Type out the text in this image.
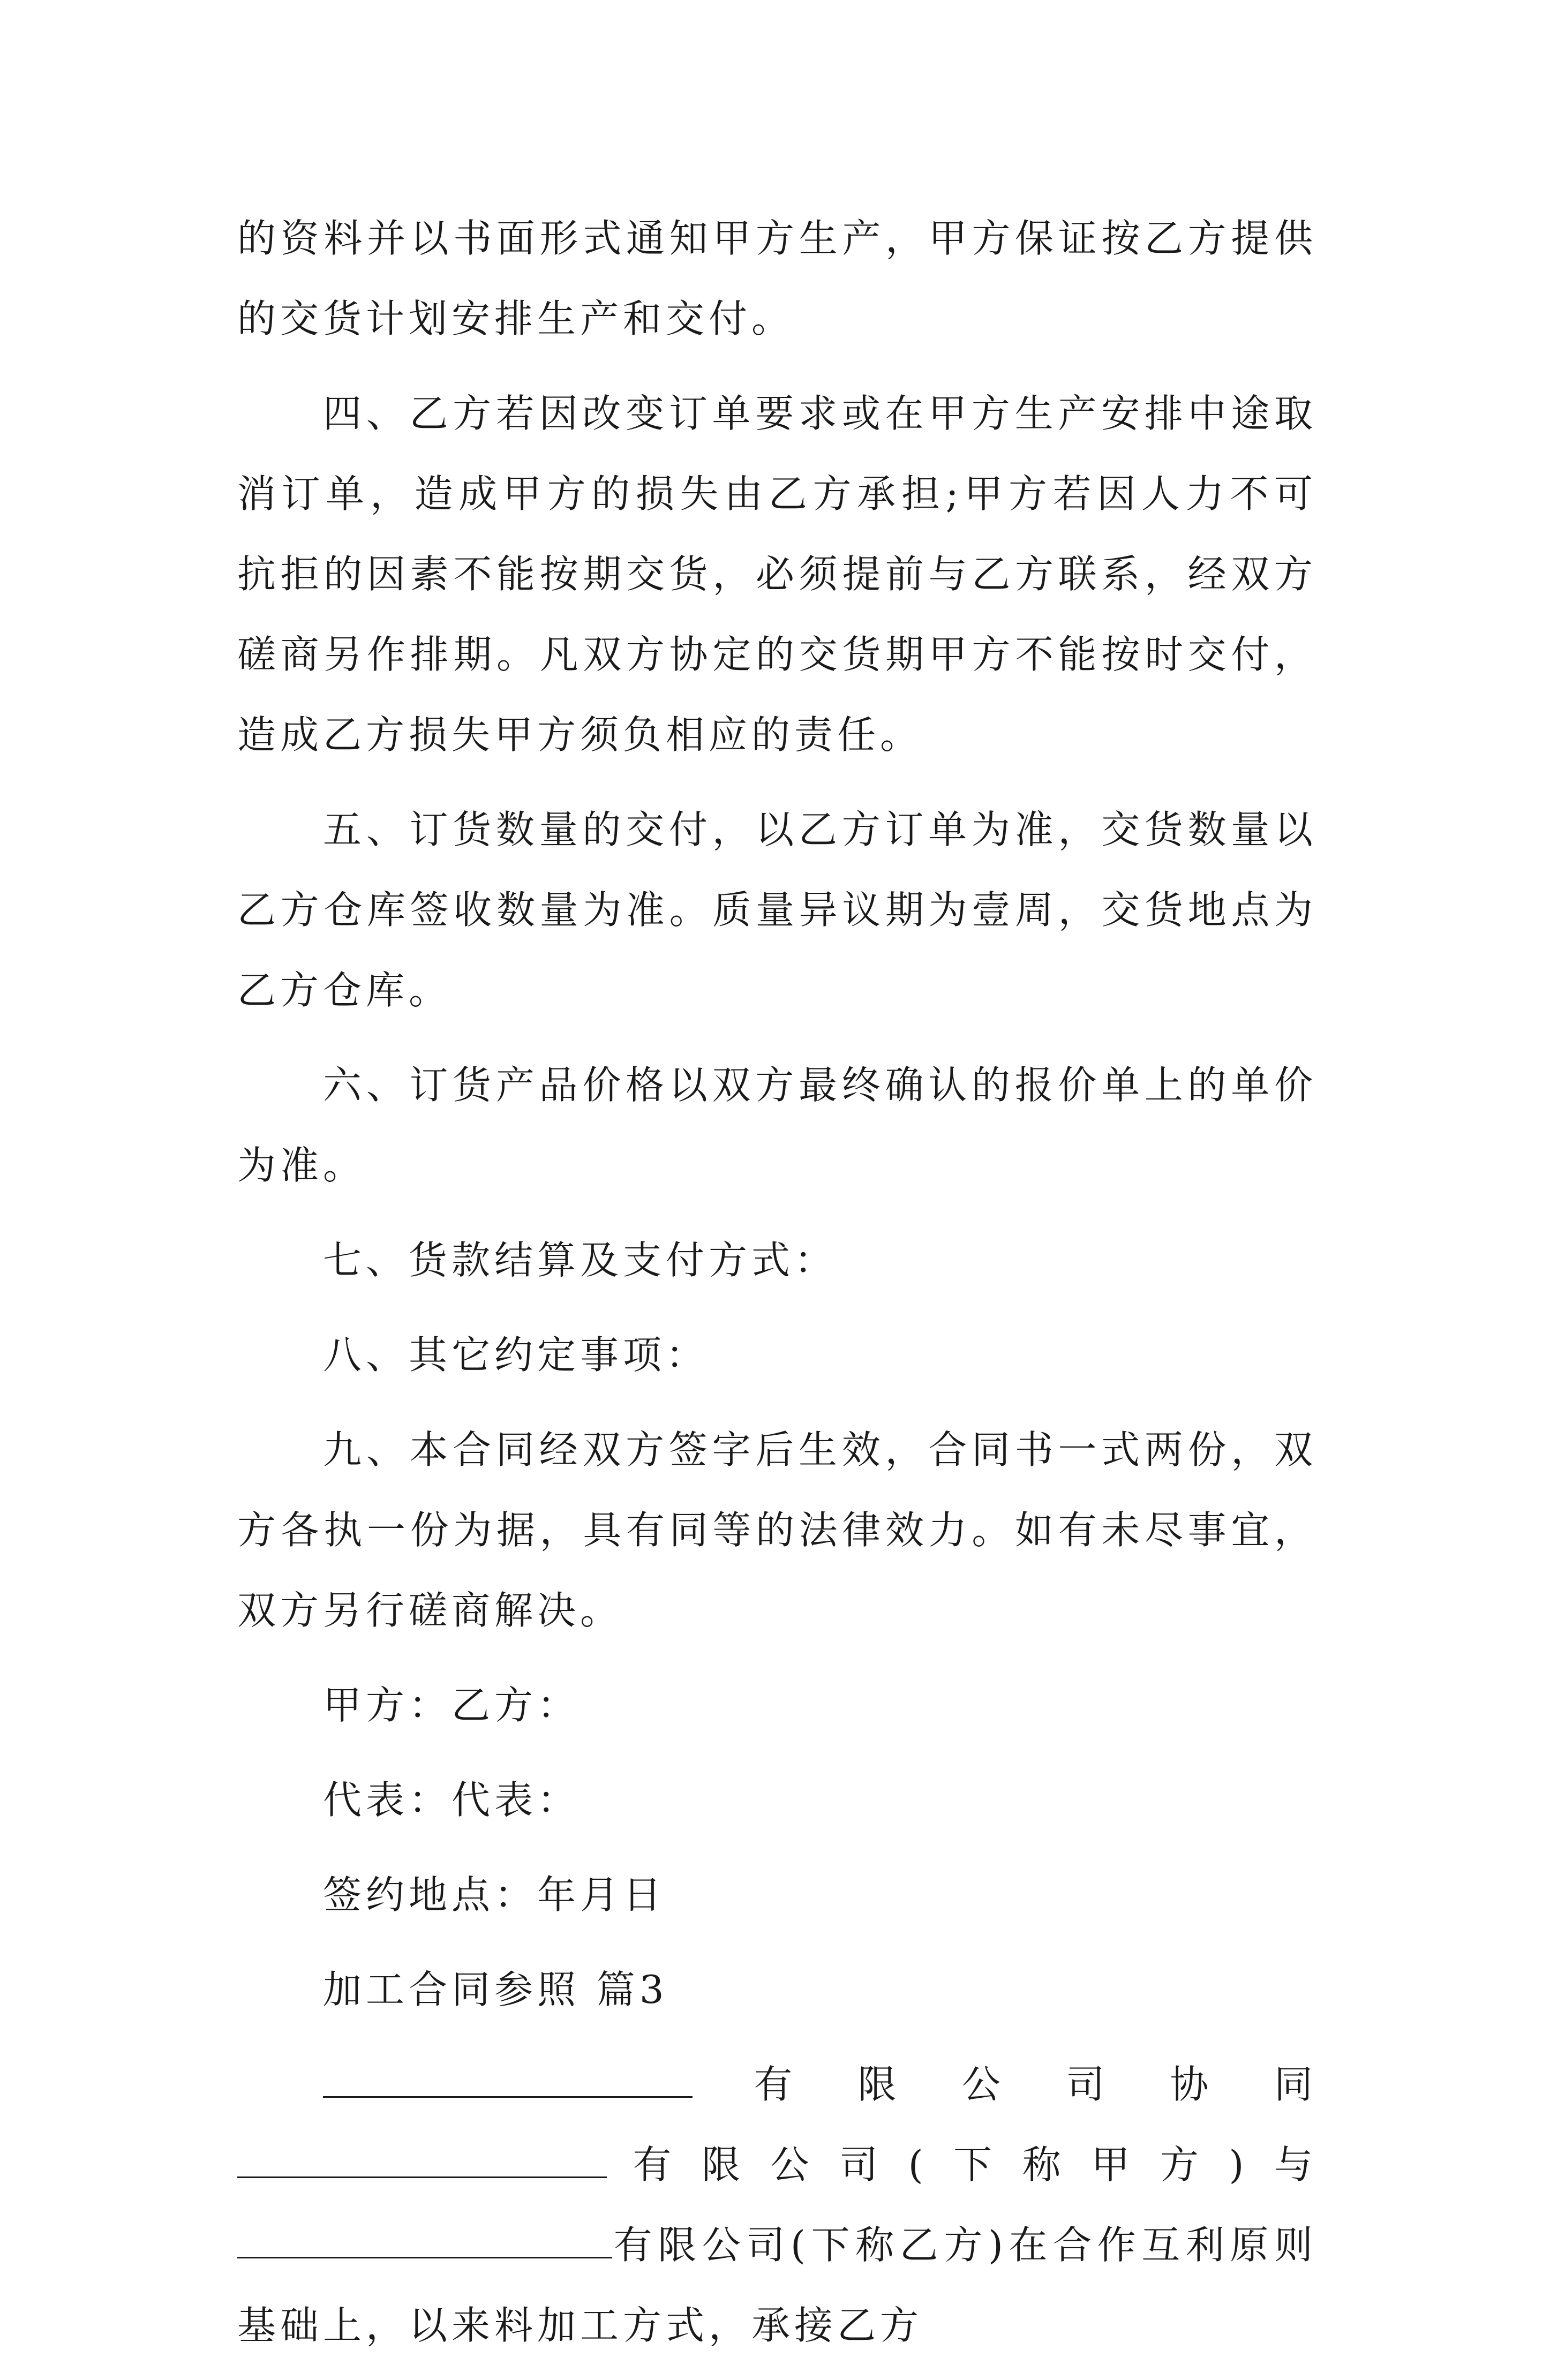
的资料并以书面形式通知甲方生产，甲方保证按乙方提供的交货计划安排生产和交付。

四、乙方若因改变订单要求或在甲方生产安排中途取消订单，造成甲方的损失由乙方承担;甲方若因人力不可抗拒的因素不能按期交货，必须提前与乙方联系，经双方磋商另作排期。凡双方协定的交货期甲方不能按时交付，造成乙方损失甲方须负相应的责任。

五、订货数量的交付，以乙方订单为准，交货数量以乙方仓库签收数量为准。质量异议期为壹周，交货地点为乙方仓库。

六、订货产品价格以双方最终确认的报价单上的单价为准。

七、货款结算及支付方式：

八、其它约定事项：

九、本合同经双方签字后生效，合同书一式两份，双方各执一份为据，具有同等的法律效力。如有未尽事宜，双方另行磋商解决。

甲方：乙方：

代表：代表：

签约地点：年月日

加工合同参照 篇3

有限公司协同有限公司(下称甲方)与有限公司(下称乙方)在合作互利原则基础上，以来料加工方式，承接乙方
